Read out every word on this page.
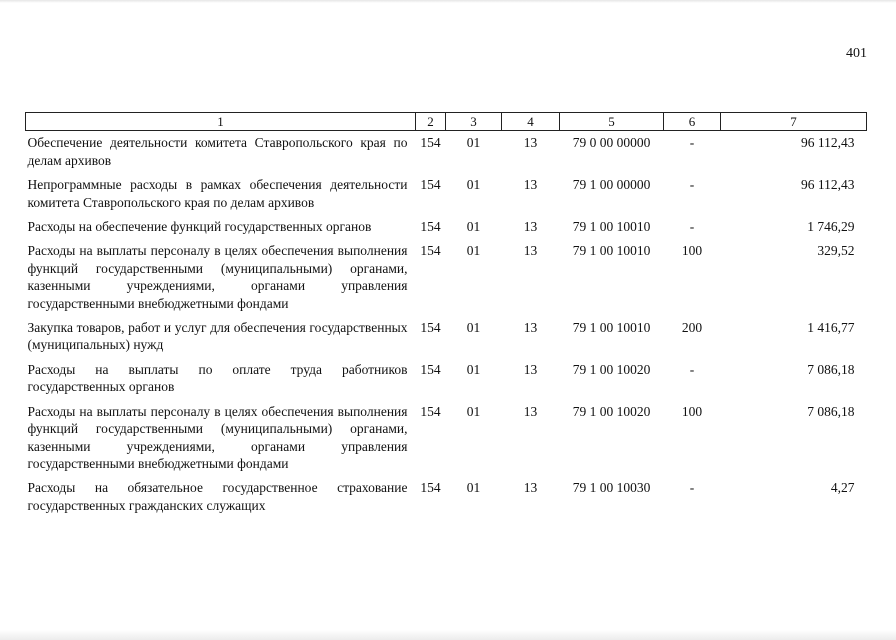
401
1	2	3	4	5	6	7
Обеспечение деятельности комитета Ставропольского края по делам архивов	154	01	13	79 0 00 00000	-	96 112,43
Непрограммные расходы в рамках обеспечения деятельности комитета Ставропольского края по делам архивов	154	01	13	79 1 00 00000	-	96 112,43
Расходы на обеспечение функций государственных органов	154	01	13	79 1 00 10010	-	1 746,29
Расходы на выплаты персоналу в целях обеспечения выполнения функций государственными (муниципальными) органами, казенными учреждениями, органами управления государственными внебюджетными фондами	154	01	13	79 1 00 10010	100	329,52
Закупка товаров, работ и услуг для обеспечения государственных (муниципальных) нужд	154	01	13	79 1 00 10010	200	1 416,77
Расходы на выплаты по оплате труда работников государственных органов	154	01	13	79 1 00 10020	-	7 086,18
Расходы на выплаты персоналу в целях обеспечения выполнения функций государственными (муниципальными) органами, казенными учреждениями, органами управления государственными внебюджетными фондами	154	01	13	79 1 00 10020	100	7 086,18
Расходы на обязательное государственное страхование государственных гражданских служащих	154	01	13	79 1 00 10030	-	4,27
